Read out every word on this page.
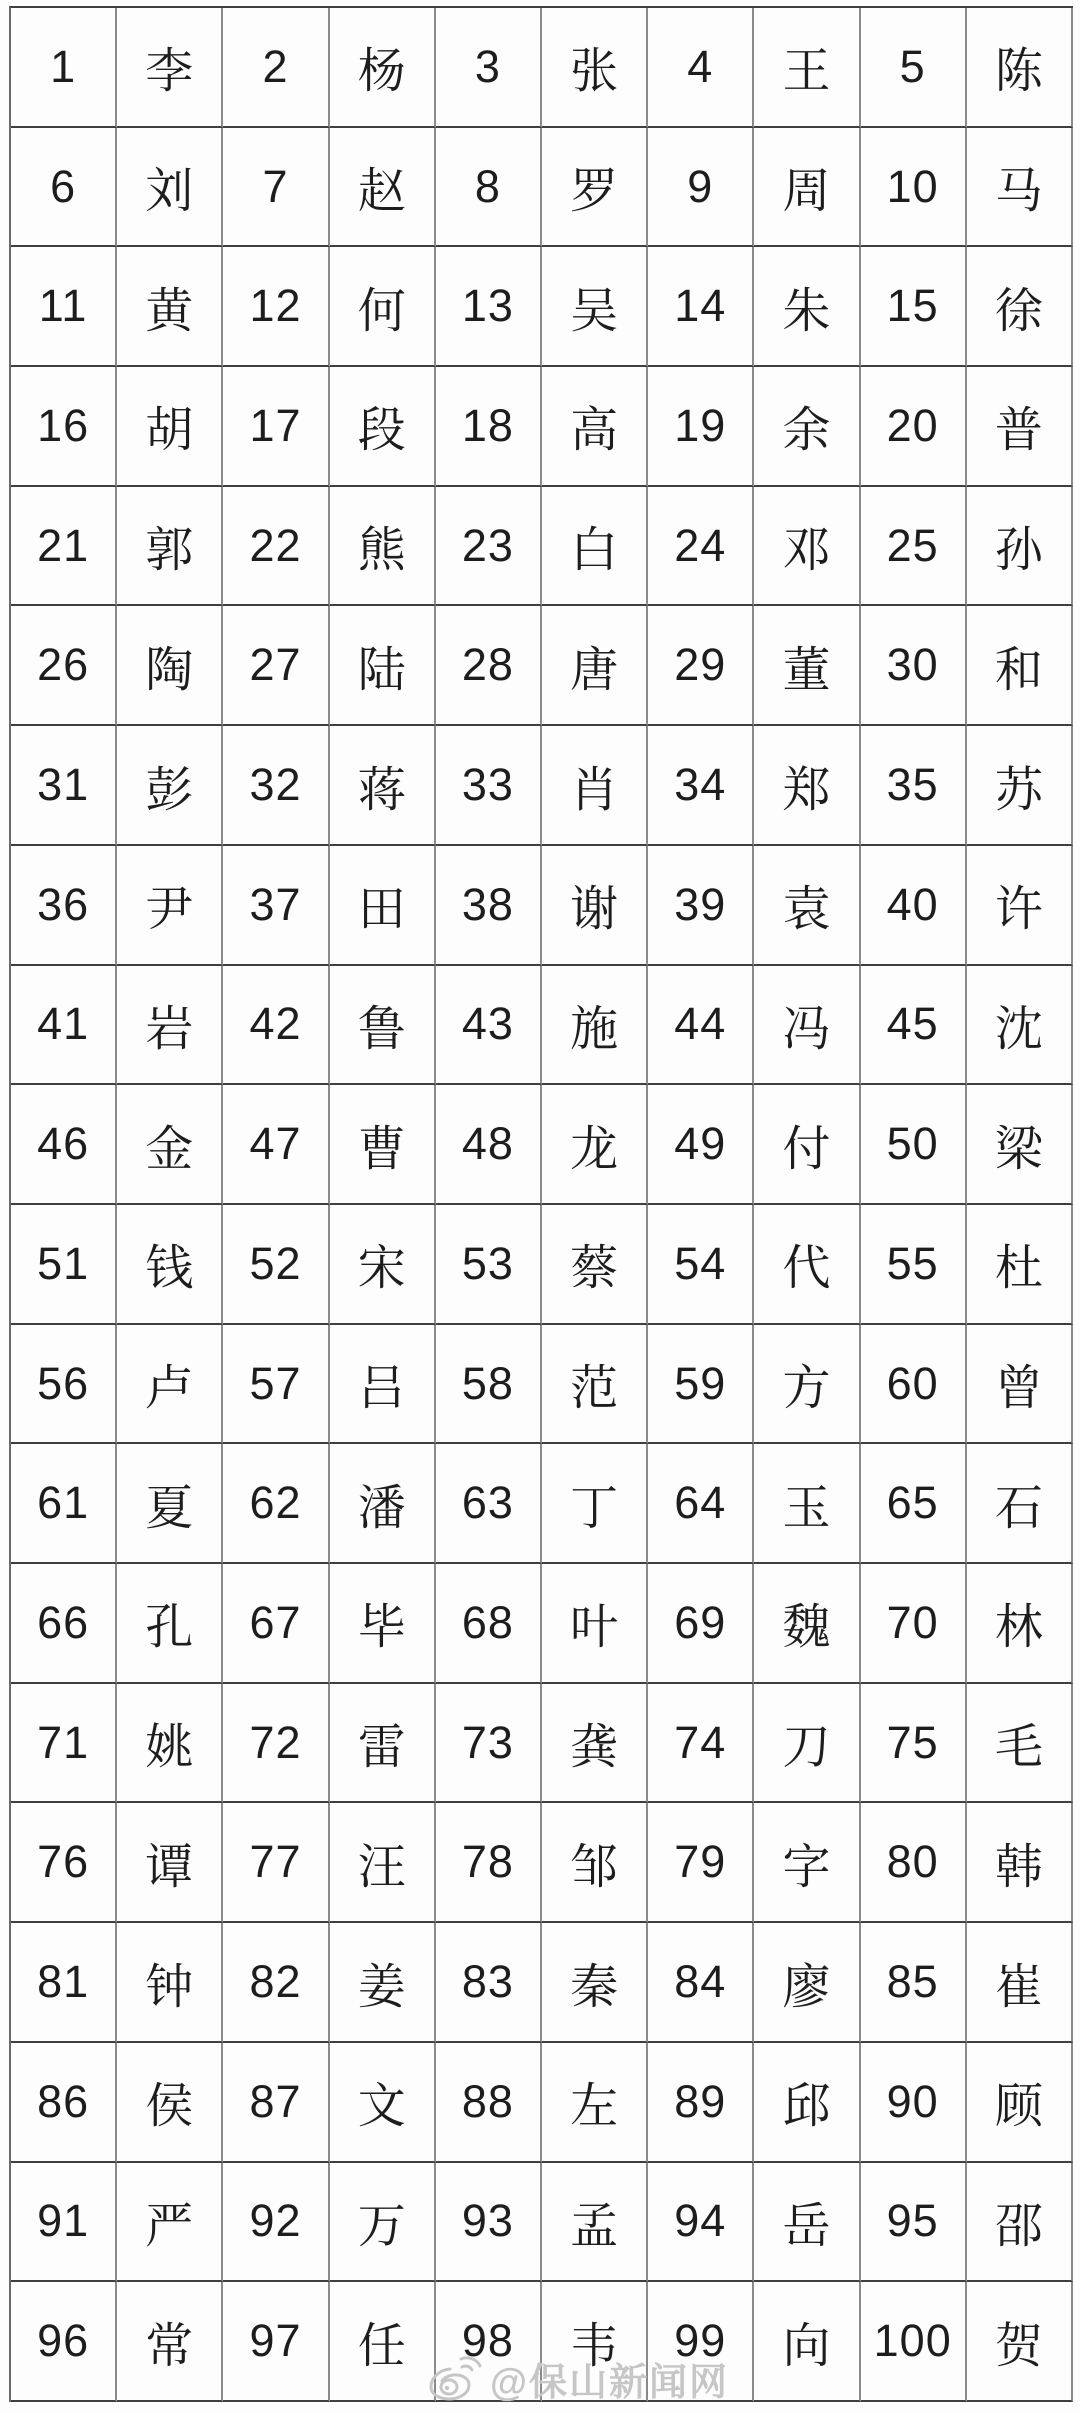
1	李	2	杨	3	张	4	王	5	陈
6	刘	7	赵	8	罗	9	周	10	马
11	黄	12	何	13	吴	14	朱	15	徐
16	胡	17	段	18	高	19	余	20	普
21	郭	22	熊	23	白	24	邓	25	孙
26	陶	27	陆	28	唐	29	董	30	和
31	彭	32	蒋	33	肖	34	郑	35	苏
36	尹	37	田	38	谢	39	袁	40	许
41	岩	42	鲁	43	施	44	冯	45	沈
46	金	47	曹	48	龙	49	付	50	梁
51	钱	52	宋	53	蔡	54	代	55	杜
56	卢	57	吕	58	范	59	方	60	曾
61	夏	62	潘	63	丁	64	玉	65	石
66	孔	67	毕	68	叶	69	魏	70	林
71	姚	72	雷	73	龚	74	刀	75	毛
76	谭	77	汪	78	邹	79	字	80	韩
81	钟	82	姜	83	秦	84	廖	85	崔
86	侯	87	文	88	左	89	邱	90	顾
91	严	92	万	93	孟	94	岳	95	邵
96	常	97	任	98	韦	99	向 100 贺
@保山新闻网
